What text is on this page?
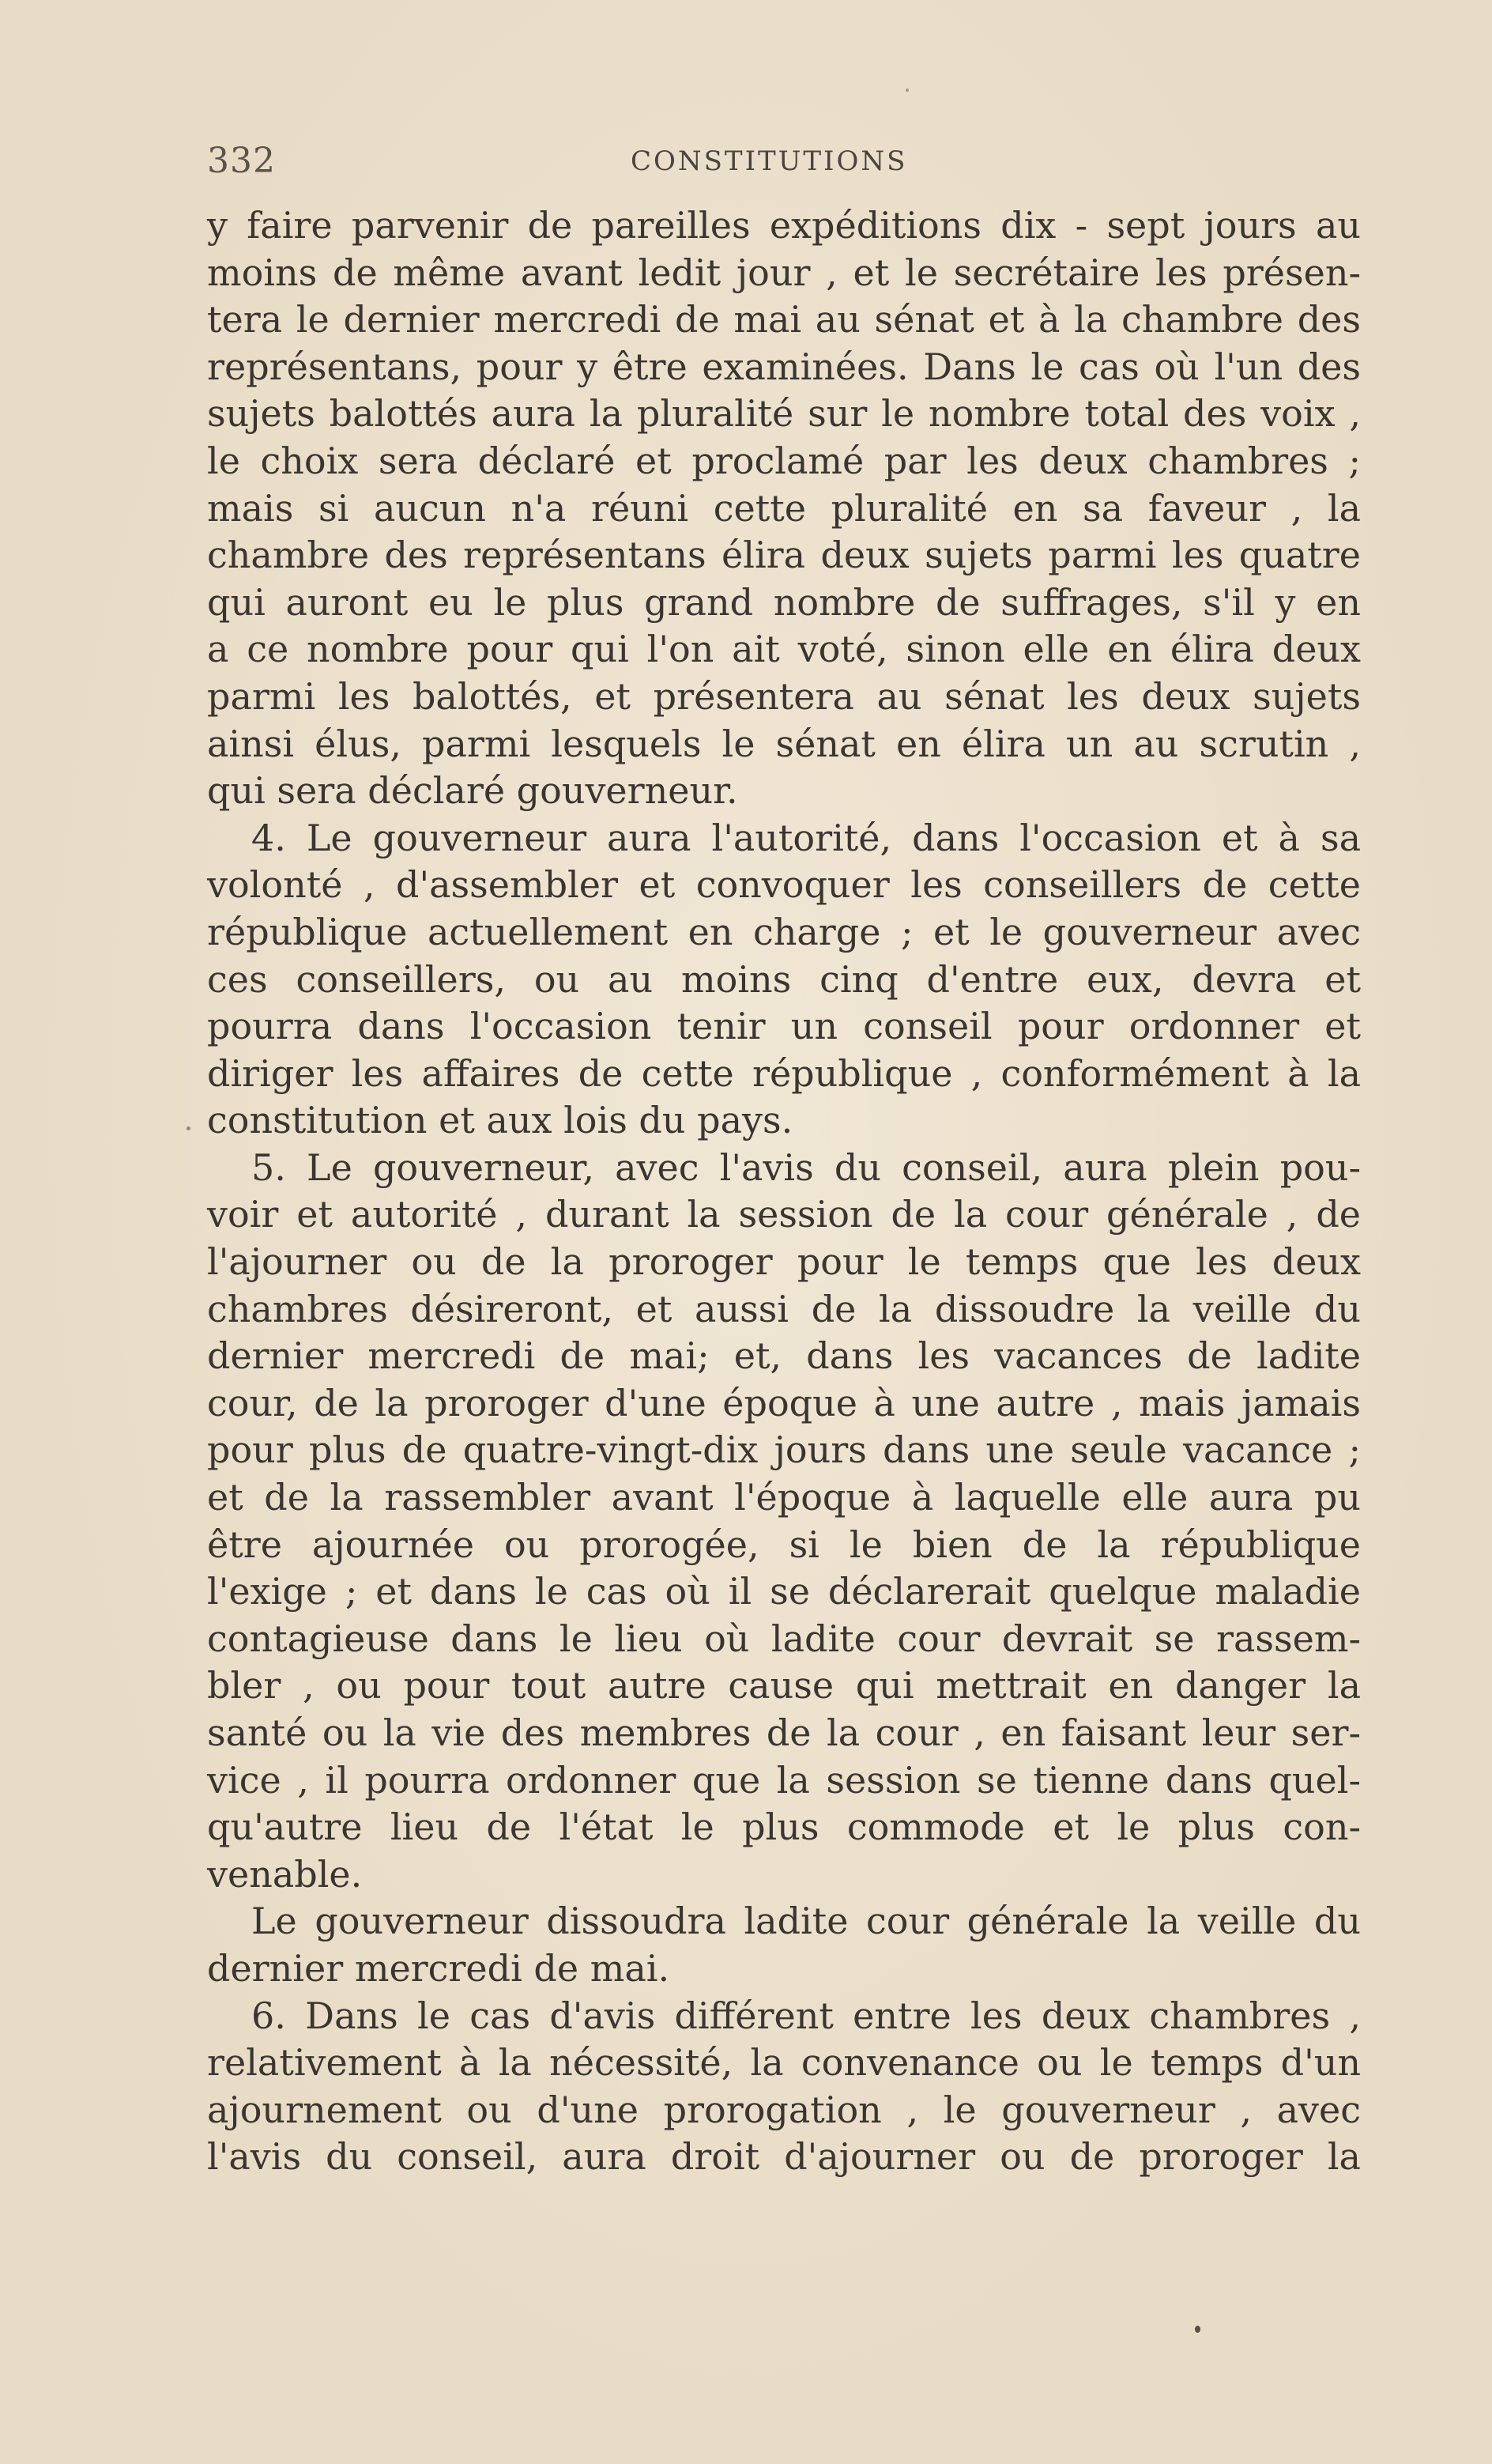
332	CONSTITUTIONS
y faire parvenir de pareilles expéditions dix - sept jours au
moins de même avant ledit jour , et le secrétaire les présen-
tera le dernier mercredi de mai au sénat et à la chambre des
représentans, pour y être examinées. Dans le cas où l'un des
sujets balottés aura la pluralité sur le nombre total des voix ,
le choix sera déclaré et proclamé par les deux chambres ;
mais si aucun n'a réuni cette pluralité en sa faveur , la
chambre des représentans élira deux sujets parmi les quatre
qui auront eu le plus grand nombre de suffrages, s'il y en
a ce nombre pour qui l'on ait voté, sinon elle en élira deux
parmi les balottés, et présentera au sénat les deux sujets
ainsi élus, parmi lesquels le sénat en élira un au scrutin ,
qui sera déclaré gouverneur.
4. Le gouverneur aura l'autorité, dans l'occasion et à sa
volonté , d'assembler et convoquer les conseillers de cette
république actuellement en charge ; et le gouverneur avec
ces conseillers, ou au moins cinq d'entre eux, devra et
pourra dans l'occasion tenir un conseil pour ordonner et
diriger les affaires de cette république , conformément à la
constitution et aux lois du pays.
5. Le gouverneur, avec l'avis du conseil, aura plein pou-
voir et autorité , durant la session de la cour générale , de
l'ajourner ou de la proroger pour le temps que les deux
chambres désireront, et aussi de la dissoudre la veille du
dernier mercredi de mai; et, dans les vacances de ladite
cour, de la proroger d'une époque à une autre , mais jamais
pour plus de quatre-vingt-dix jours dans une seule vacance ;
et de la rassembler avant l'époque à laquelle elle aura pu
être ajournée ou prorogée, si le bien de la république
l'exige ; et dans le cas où il se déclarerait quelque maladie
contagieuse dans le lieu où ladite cour devrait se rassem-
bler , ou pour tout autre cause qui mettrait en danger la
santé ou la vie des membres de la cour , en faisant leur ser-
vice , il pourra ordonner que la session se tienne dans quel-
qu'autre lieu de l'état le plus commode et le plus con-
venable.
Le gouverneur dissoudra ladite cour générale la veille du
dernier mercredi de mai.
6. Dans le cas d'avis différent entre les deux chambres ,
relativement à la nécessité, la convenance ou le temps d'un
ajournement ou d'une prorogation , le gouverneur , avec
l'avis du conseil, aura droit d'ajourner ou de proroger la
